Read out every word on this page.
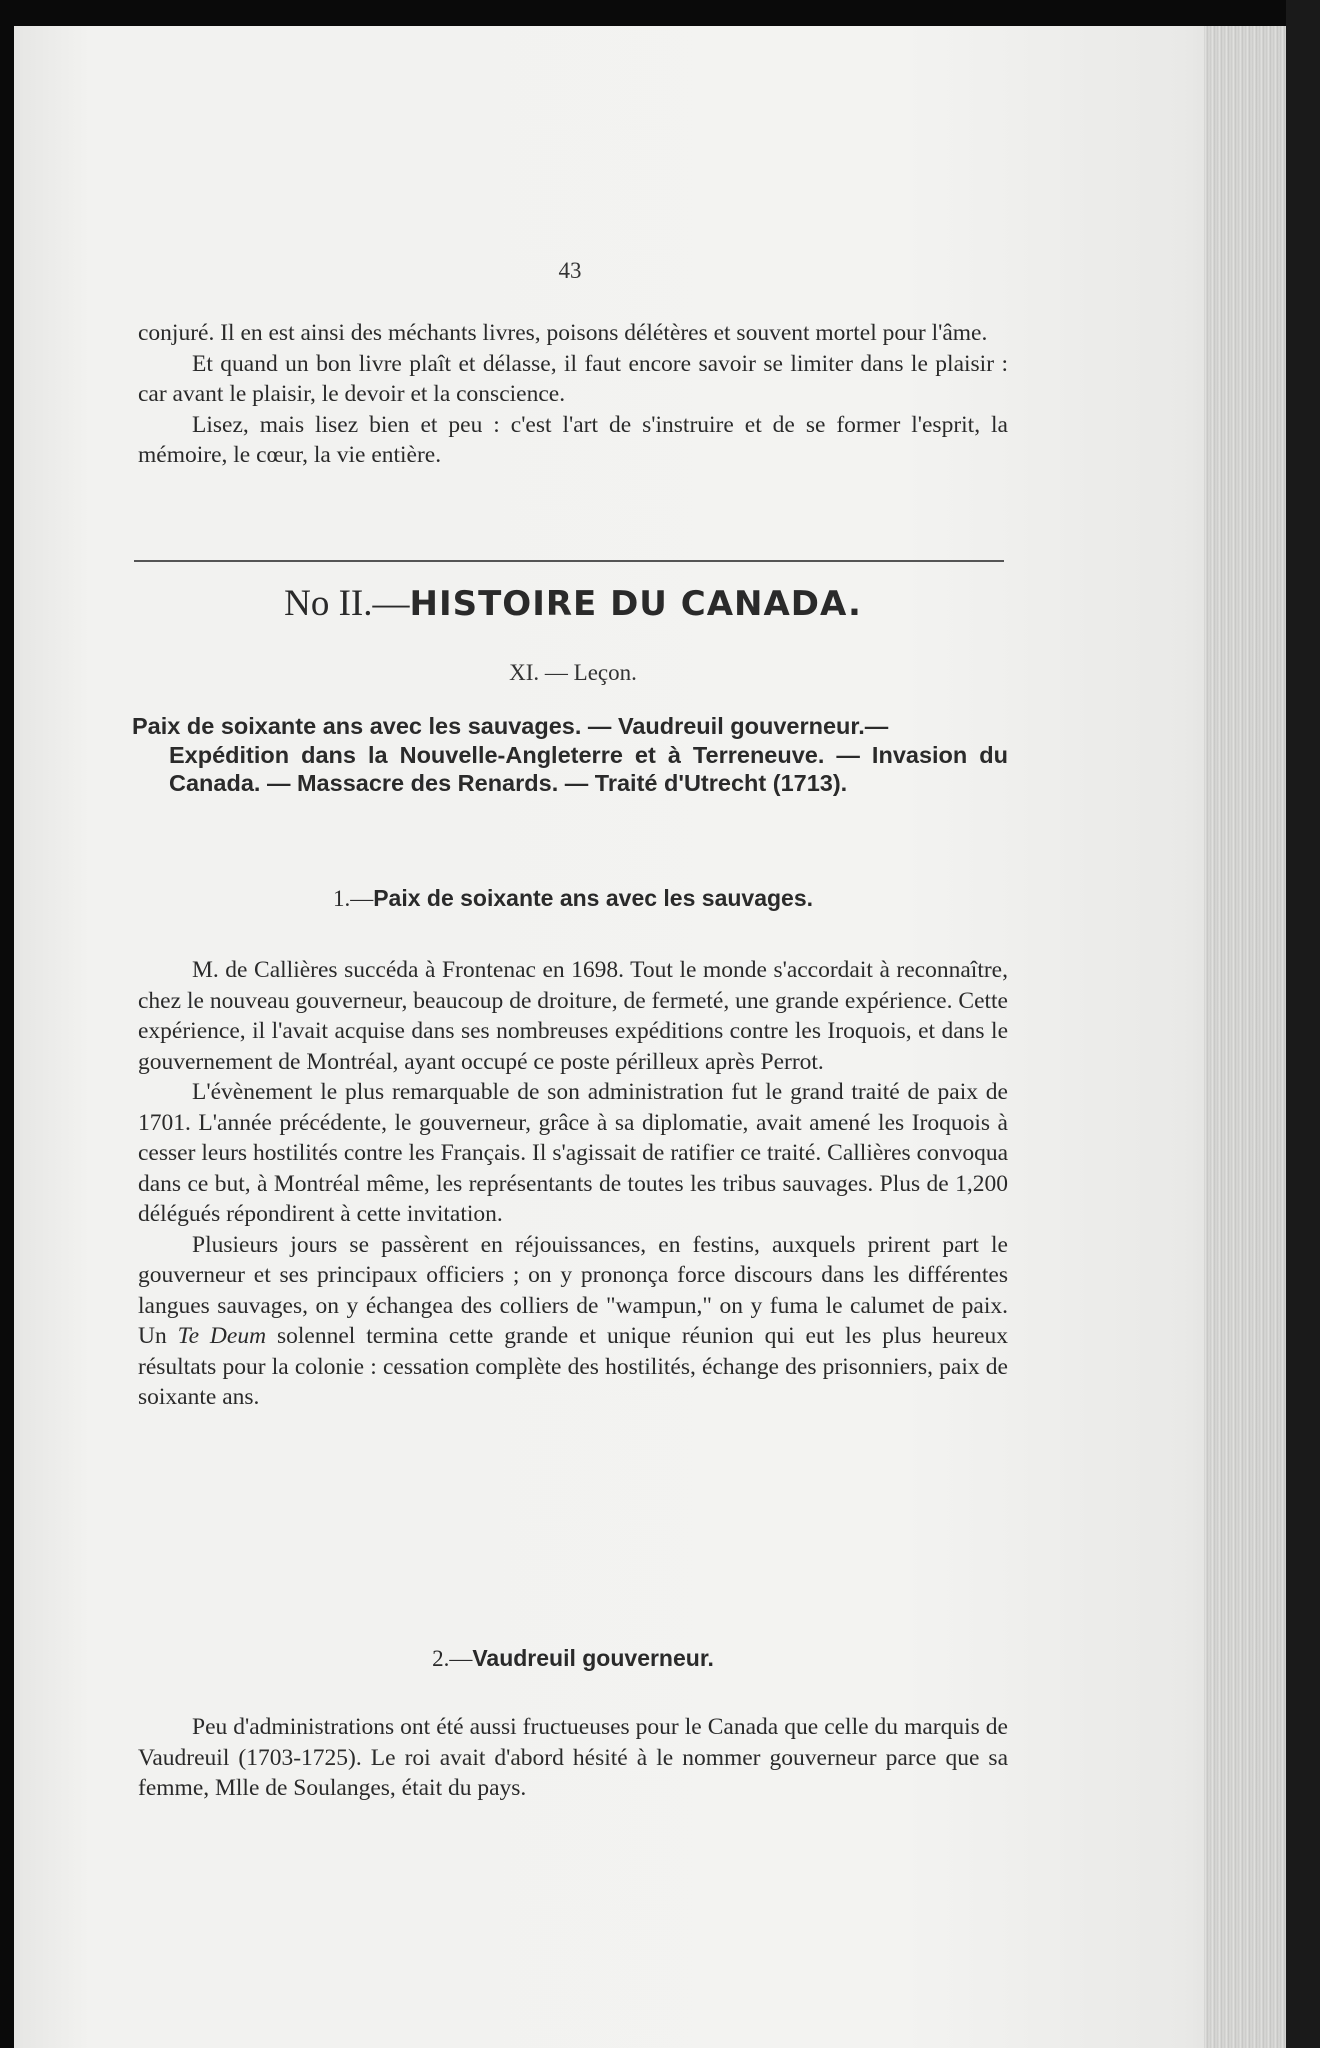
43

conjuré. Il en est ainsi des méchants livres, poisons délétères et souvent mortel pour l'âme.

Et quand un bon livre plaît et délasse, il faut encore savoir se limiter dans le plaisir : car avant le plaisir, le devoir et la conscience.

Lisez, mais lisez bien et peu : c'est l'art de s'instruire et de se former l'esprit, la mémoire, le cœur, la vie entière.

No II.—HISTOIRE DU CANADA.
XI. — Leçon.
Paix de soixante ans avec les sauvages. — Vaudreuil gouverneur.—
Expédition dans la Nouvelle-Angleterre et à Terreneuve. — Invasion du Canada. — Massacre des Renards. — Traité d'Utrecht (1713).
1.—Paix de soixante ans avec les sauvages.

M. de Callières succéda à Frontenac en 1698. Tout le monde s'accordait à reconnaître, chez le nouveau gouverneur, beaucoup de droiture, de fermeté, une grande expérience. Cette expérience, il l'avait acquise dans ses nombreuses expéditions contre les Iroquois, et dans le gouvernement de Montréal, ayant occupé ce poste périlleux après Perrot.

L'évènement le plus remarquable de son administration fut le grand traité de paix de 1701. L'année précédente, le gouverneur, grâce à sa diplomatie, avait amené les Iroquois à cesser leurs hostilités contre les Français. Il s'agissait de ratifier ce traité. Callières convoqua dans ce but, à Montréal même, les représentants de toutes les tribus sauvages. Plus de 1,200 délégués répondirent à cette invitation.

Plusieurs jours se passèrent en réjouissances, en festins, auxquels prirent part le gouverneur et ses principaux officiers ; on y prononça force discours dans les différentes langues sauvages, on y échangea des colliers de "wampun," on y fuma le calumet de paix. Un Te Deum solennel termina cette grande et unique réunion qui eut les plus heureux résultats pour la colonie : cessation complète des hostilités, échange des prisonniers, paix de soixante ans.

2.—Vaudreuil gouverneur.

Peu d'administrations ont été aussi fructueuses pour le Canada que celle du marquis de Vaudreuil (1703-1725). Le roi avait d'abord hésité à le nommer gouverneur parce que sa femme, Mlle de Soulanges, était du pays.
